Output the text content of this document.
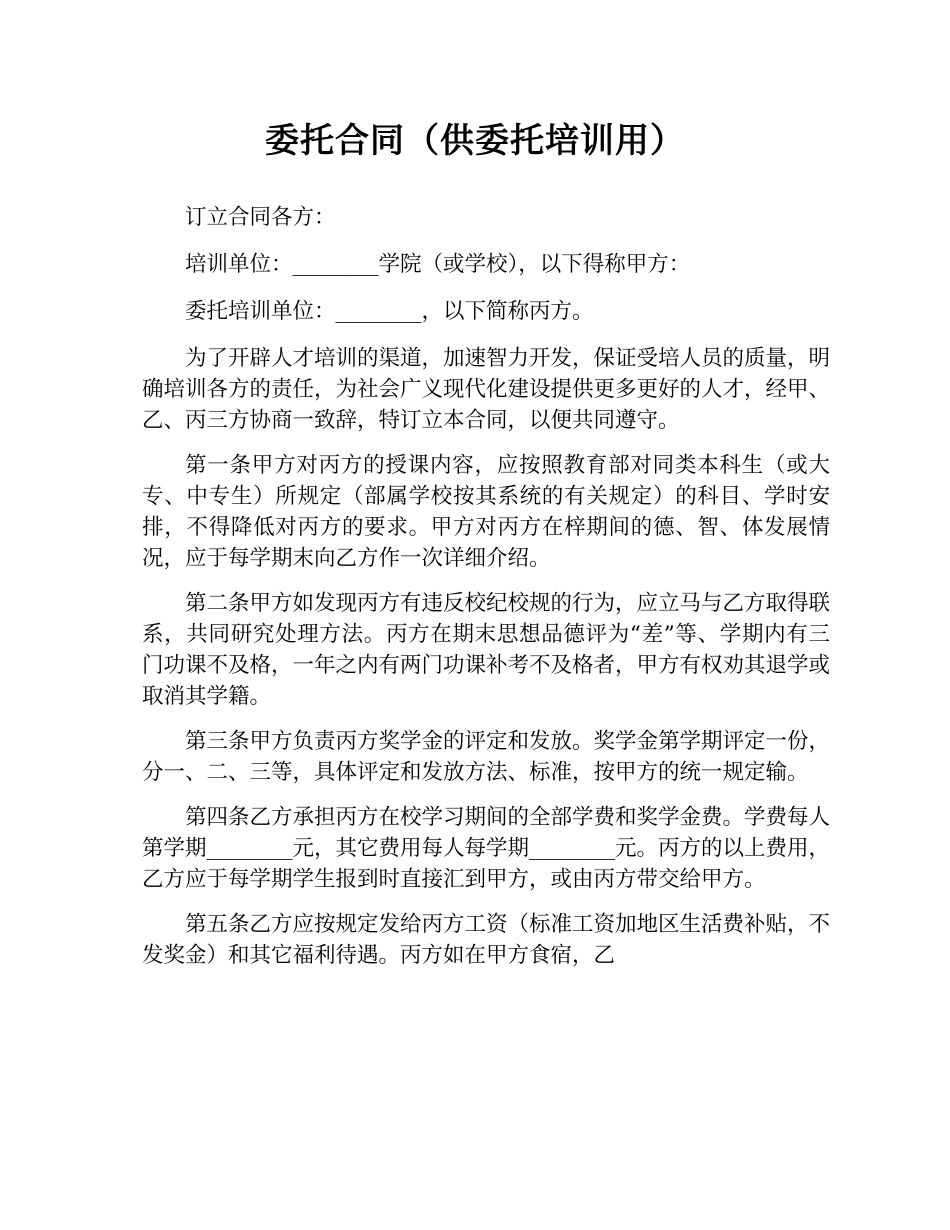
委托合同（供委托培训用）

订立合同各方：

培训单位：________学院（或学校），以下得称甲方：

委托培训单位：________，以下简称丙方。

为了开辟人才培训的渠道，加速智力开发，保证受培人员的质量，明确培训各方的责任，为社会广义现代化建设提供更多更好的人才，经甲、乙、丙三方协商一致辞，特订立本合同，以便共同遵守。

第一条甲方对丙方的授课内容，应按照教育部对同类本科生（或大专、中专生）所规定（部属学校按其系统的有关规定）的科目、学时安排，不得降低对丙方的要求。甲方对丙方在梓期间的德、智、体发展情况，应于每学期末向乙方作一次详细介绍。

第二条甲方如发现丙方有违反校纪校规的行为，应立马与乙方取得联系，共同研究处理方法。丙方在期末思想品德评为“差”等、学期内有三门功课不及格，一年之内有两门功课补考不及格者，甲方有权劝其退学或取消其学籍。

第三条甲方负责丙方奖学金的评定和发放。奖学金第学期评定一份，分一、二、三等，具体评定和发放方法、标准，按甲方的统一规定输。

第四条乙方承担丙方在校学习期间的全部学费和奖学金费。学费每人第学期________元，其它费用每人每学期________元。丙方的以上费用，乙方应于每学期学生报到时直接汇到甲方，或由丙方带交给甲方。

第五条乙方应按规定发给丙方工资（标准工资加地区生活费补贴，不发奖金）和其它福利待遇。丙方如在甲方食宿，乙
